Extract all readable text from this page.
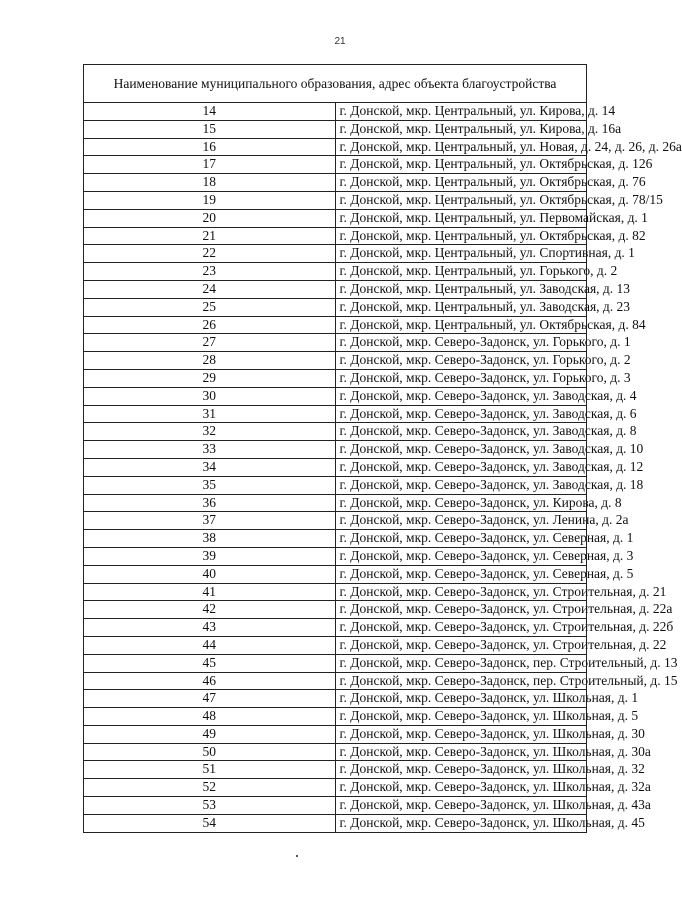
21
Наименование муниципального образования, адрес объекта благоустройства	
14	г. Донской, мкр. Центральный, ул. Кирова, д. 14
15	г. Донской, мкр. Центральный, ул. Кирова, д. 16а
16	г. Донской, мкр. Центральный, ул. Новая, д. 24, д. 26, д. 26а
17	г. Донской, мкр. Центральный, ул. Октябрьская, д. 126
18	г. Донской, мкр. Центральный, ул. Октябрьская, д. 76
19	г. Донской, мкр. Центральный, ул. Октябрьская, д. 78/15
20	г. Донской, мкр. Центральный, ул. Первомайская, д. 1
21	г. Донской, мкр. Центральный, ул. Октябрьская, д. 82
22	г. Донской, мкр. Центральный, ул. Спортивная, д. 1
23	г. Донской, мкр. Центральный, ул. Горького, д. 2
24	г. Донской, мкр. Центральный, ул. Заводская, д. 13
25	г. Донской, мкр. Центральный, ул. Заводская, д. 23
26	г. Донской, мкр. Центральный, ул. Октябрьская, д. 84
27	г. Донской, мкр. Северо-Задонск, ул. Горького, д. 1
28	г. Донской, мкр. Северо-Задонск, ул. Горького, д. 2
29	г. Донской, мкр. Северо-Задонск, ул. Горького, д. 3
30	г. Донской, мкр. Северо-Задонск, ул. Заводская, д. 4
31	г. Донской, мкр. Северо-Задонск, ул. Заводская, д. 6
32	г. Донской, мкр. Северо-Задонск, ул. Заводская, д. 8
33	г. Донской, мкр. Северо-Задонск, ул. Заводская, д. 10
34	г. Донской, мкр. Северо-Задонск, ул. Заводская, д. 12
35	г. Донской, мкр. Северо-Задонск, ул. Заводская, д. 18
36	г. Донской, мкр. Северо-Задонск, ул. Кирова, д. 8
37	г. Донской, мкр. Северо-Задонск, ул. Ленина, д. 2а
38	г. Донской, мкр. Северо-Задонск, ул. Северная, д. 1
39	г. Донской, мкр. Северо-Задонск, ул. Северная, д. 3
40	г. Донской, мкр. Северо-Задонск, ул. Северная, д. 5
41	г. Донской, мкр. Северо-Задонск, ул. Строительная, д. 21
42	г. Донской, мкр. Северо-Задонск, ул. Строительная, д. 22а
43	г. Донской, мкр. Северо-Задонск, ул. Строительная, д. 22б
44	г. Донской, мкр. Северо-Задонск, ул. Строительная, д. 22
45	г. Донской, мкр. Северо-Задонск, пер. Строительный, д. 13
46	г. Донской, мкр. Северо-Задонск, пер. Строительный, д. 15
47	г. Донской, мкр. Северо-Задонск, ул. Школьная, д. 1
48	г. Донской, мкр. Северо-Задонск, ул. Школьная, д. 5
49	г. Донской, мкр. Северо-Задонск, ул. Школьная, д. 30
50	г. Донской, мкр. Северо-Задонск, ул. Школьная, д. 30а
51	г. Донской, мкр. Северо-Задонск, ул. Школьная, д. 32
52	г. Донской, мкр. Северо-Задонск, ул. Школьная, д. 32а
53	г. Донской, мкр. Северо-Задонск, ул. Школьная, д. 43а
54	г. Донской, мкр. Северо-Задонск, ул. Школьная, д. 45
